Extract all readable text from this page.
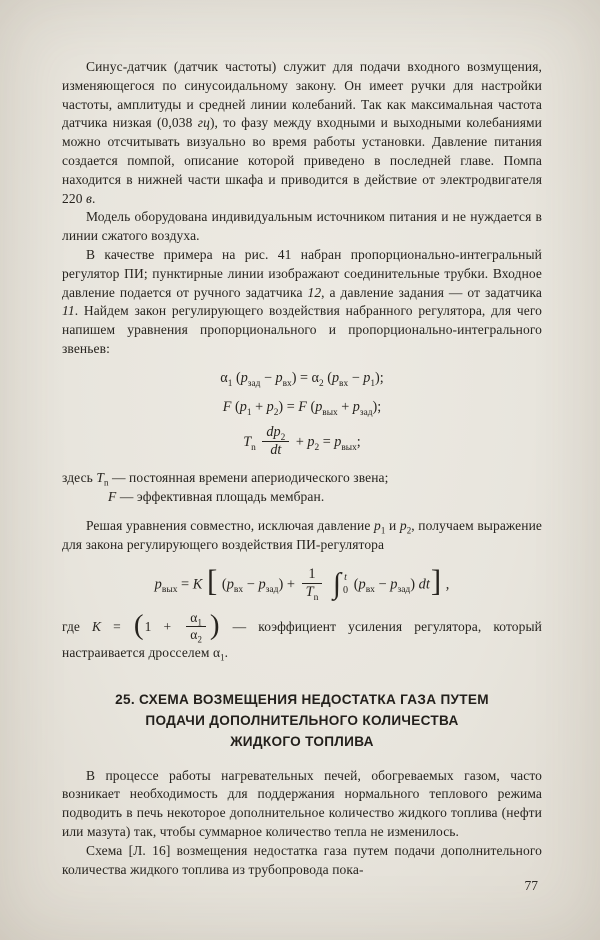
Синус-датчик (датчик частоты) служит для подачи входного возмущения, изменяющегося по синусоидальному закону. Он имеет ручки для настройки частоты, амплитуды и средней линии колебаний. Так как максимальная частота датчика низкая (0,038 гц), то фазу между входными и выходными колебаниями можно отсчитывать визуально во время работы установки. Давление питания создается помпой, описание которой приведено в последней главе. Помпа находится в нижней части шкафа и приводится в действие от электродвигателя 220 в.

Модель оборудована индивидуальным источником питания и не нуждается в линии сжатого воздуха.

В качестве примера на рис. 41 набран пропорционально-интегральный регулятор ПИ; пунктирные линии изображают соединительные трубки. Входное давление подается от ручного задатчика 12, а давление задания — от задатчика 11. Найдем закон регулирующего воздействия набранного регулятора, для чего напишем уравнения пропорционального и пропорционально-интегрального звеньев:

$\alpha_1$ $(p_{зад} - p_{вх}) = \alpha_2$ $(p_{вх} - p_1)$;
F $(p_1 + p_2) = F$ $(p_{вых} + p_{зад})$;
$T_n \frac{dp_2}{dt} + p_2 = p_{вых}$;

здесь $T_n$ — постоянная времени апериодического звена;

F — эффективная площадь мембран.

Решая уравнения совместно, исключая давление $p_1$ и $p_2$, получаем выражение для закона регулирующего воздействия ПИ-регулятора

$p_{вых} = K$ [ $(p_{вх} - p_{зад}) + \frac{1}{T_n}$
∫ t
0 $(p_{вх} - p_{зад})$ dt] ,

где $K = (1 + \frac{\alpha_1}{\alpha_2}$ ) — коэффициент усиления регулятора, который настраивается дросселем $\alpha_1$.

25. СХЕМА ВОЗМЕЩЕНИЯ НЕДОСТАТКА ГАЗА ПУТЕМ
ПОДАЧИ ДОПОЛНИТЕЛЬНОГО КОЛИЧЕСТВА
ЖИДКОГО ТОПЛИВА

В процессе работы нагревательных печей, обогреваемых газом, часто возникает необходимость для поддержания нормального теплового режима подводить в печь некоторое дополнительное количество жидкого топлива (нефти или мазута) так, чтобы суммарное количество тепла не изменилось.

Схема [Л. 16] возмещения недостатка газа путем подачи дополнительного количества жидкого топлива из трубопровода пока-

77
